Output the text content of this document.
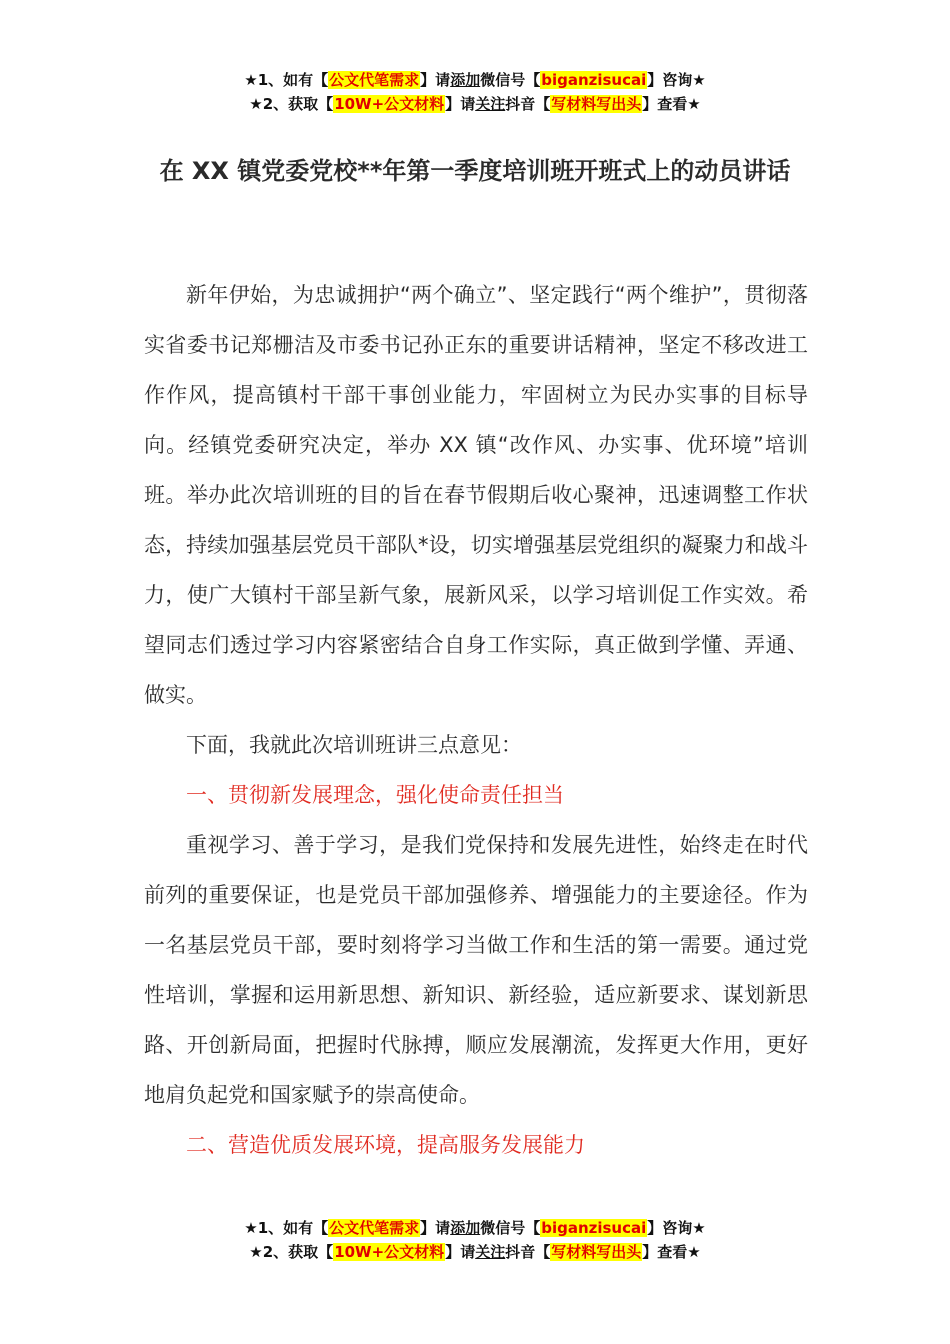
★1、如有【公文代笔需求】请添加微信号【biganzisucai】咨询★
★2、获取【10W+公文材料】请关注抖音【写材料写出头】查看★
在 XX 镇党委党校**年第一季度培训班开班式上的动员讲话

新年伊始，为忠诚拥护“两个确立”、坚定践行“两个维护”，贯彻落实省委书记郑栅洁及市委书记孙正东的重要讲话精神，坚定不移改进工作作风，提高镇村干部干事创业能力，牢固树立为民办实事的目标导向。经镇党委研究决定，举办 XX 镇“改作风、办实事、优环境”培训班。举办此次培训班的目的旨在春节假期后收心聚神，迅速调整工作状态，持续加强基层党员干部队*设，切实增强基层党组织的凝聚力和战斗力，使广大镇村干部呈新气象，展新风采，以学习培训促工作实效。希望同志们透过学习内容紧密结合自身工作实际，真正做到学懂、弄通、做实。

下面，我就此次培训班讲三点意见：

一、贯彻新发展理念，强化使命责任担当

重视学习、善于学习，是我们党保持和发展先进性，始终走在时代前列的重要保证，也是党员干部加强修养、增强能力的主要途径。作为一名基层党员干部，要时刻将学习当做工作和生活的第一需要。通过党性培训，掌握和运用新思想、新知识、新经验，适应新要求、谋划新思路、开创新局面，把握时代脉搏，顺应发展潮流，发挥更大作用，更好地肩负起党和国家赋予的崇高使命。

二、营造优质发展环境，提高服务发展能力

★1、如有【公文代笔需求】请添加微信号【biganzisucai】咨询★
★2、获取【10W+公文材料】请关注抖音【写材料写出头】查看★
